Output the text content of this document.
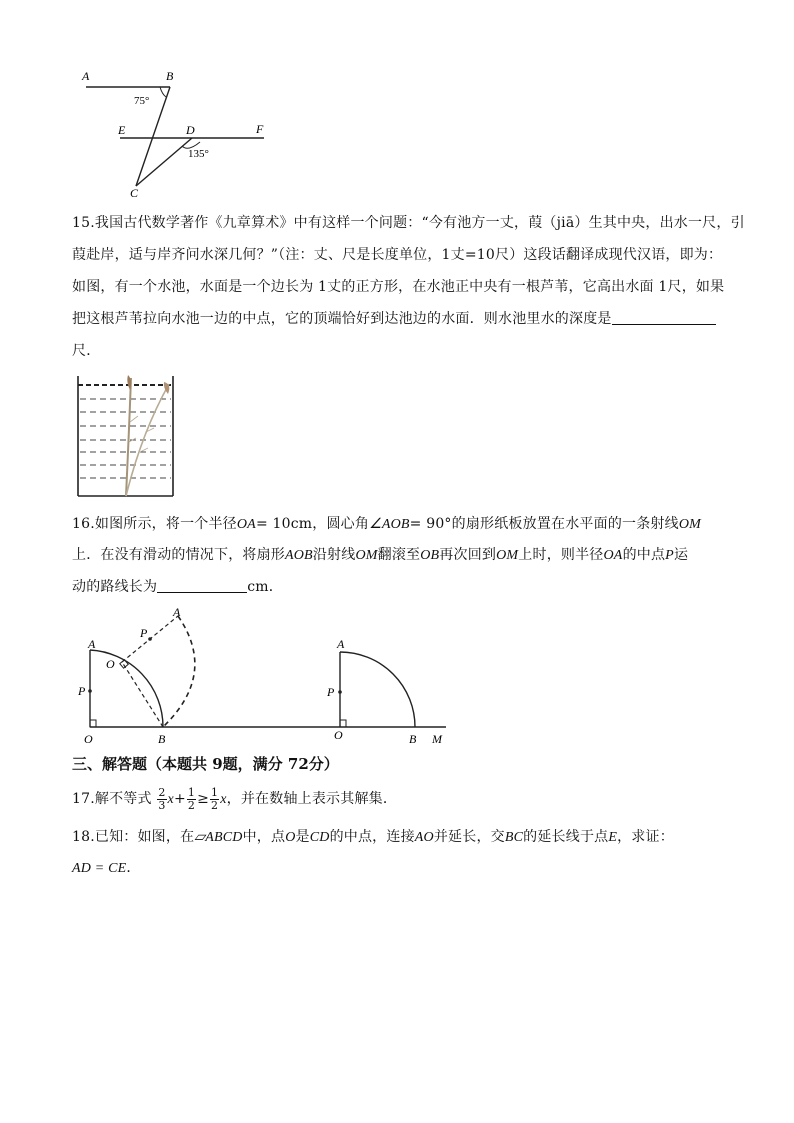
A	B
75°
E	D	F
135°
C
15.我国古代数学著作《九章算术》中有这样一个问题：“今有池方一丈，葭（jiā）生其中央，出水一尺，引
葭赴岸，适与岸齐问水深几何？”（注：丈、尺是长度单位，1丈=10尺）这段话翻译成现代汉语，即为：
如图，有一个水池，水面是一个边长为 1丈的正方形，在水池正中央有一根芦苇，它高出水面 1尺，如果
把这根芦苇拉向水池一边的中点，它的顶端恰好到达池边的水面．则水池里水的深度是
尺．
16.如图所示，将一个半径OA= 10cm，圆心角∠AOB= 90°的扇形纸板放置在水平面的一条射线OM
上．在没有滑动的情况下，将扇形AOB沿射线OM翻滚至OB再次回到OM上时，则半径OA的中点P运
动的路线长为	cm．
A
P
O	B
P
A
O
A
P
O	B M
三、解答题（本题共 9题，满分 72分）
17.解不等式 $\frac{2}{3} x+ \frac{1}{2} \ge \frac{1}{2}$ x，并在数轴上表示其解集．
18.已知：如图，在▱ABCD中，点O是CD的中点，连接AO并延长，交BC的延长线于点E，求证：
AD = CE．
